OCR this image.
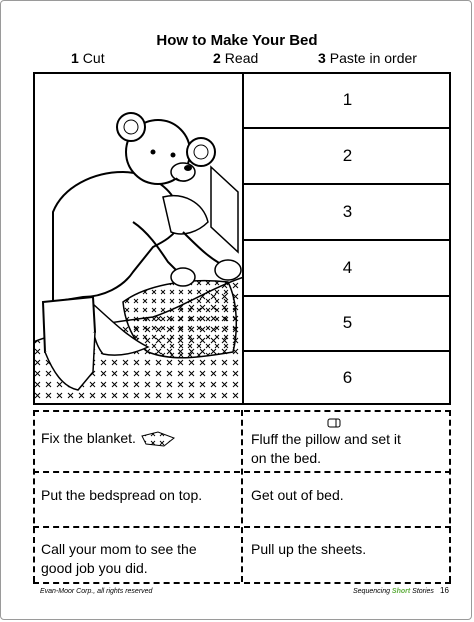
How to Make Your Bed
1 Cut	2 Read	3 Paste in order
1
2
3
4
5
6
Fix the blanket.	Fluff the pillow and set it
on the bed.
Put the bedspread on top.	Get out of bed.
Call your mom to see the
good job you did.
Pull up the sheets.
Evan-Moor Corp., all rights reserved	Sequencing Short Stories 16
